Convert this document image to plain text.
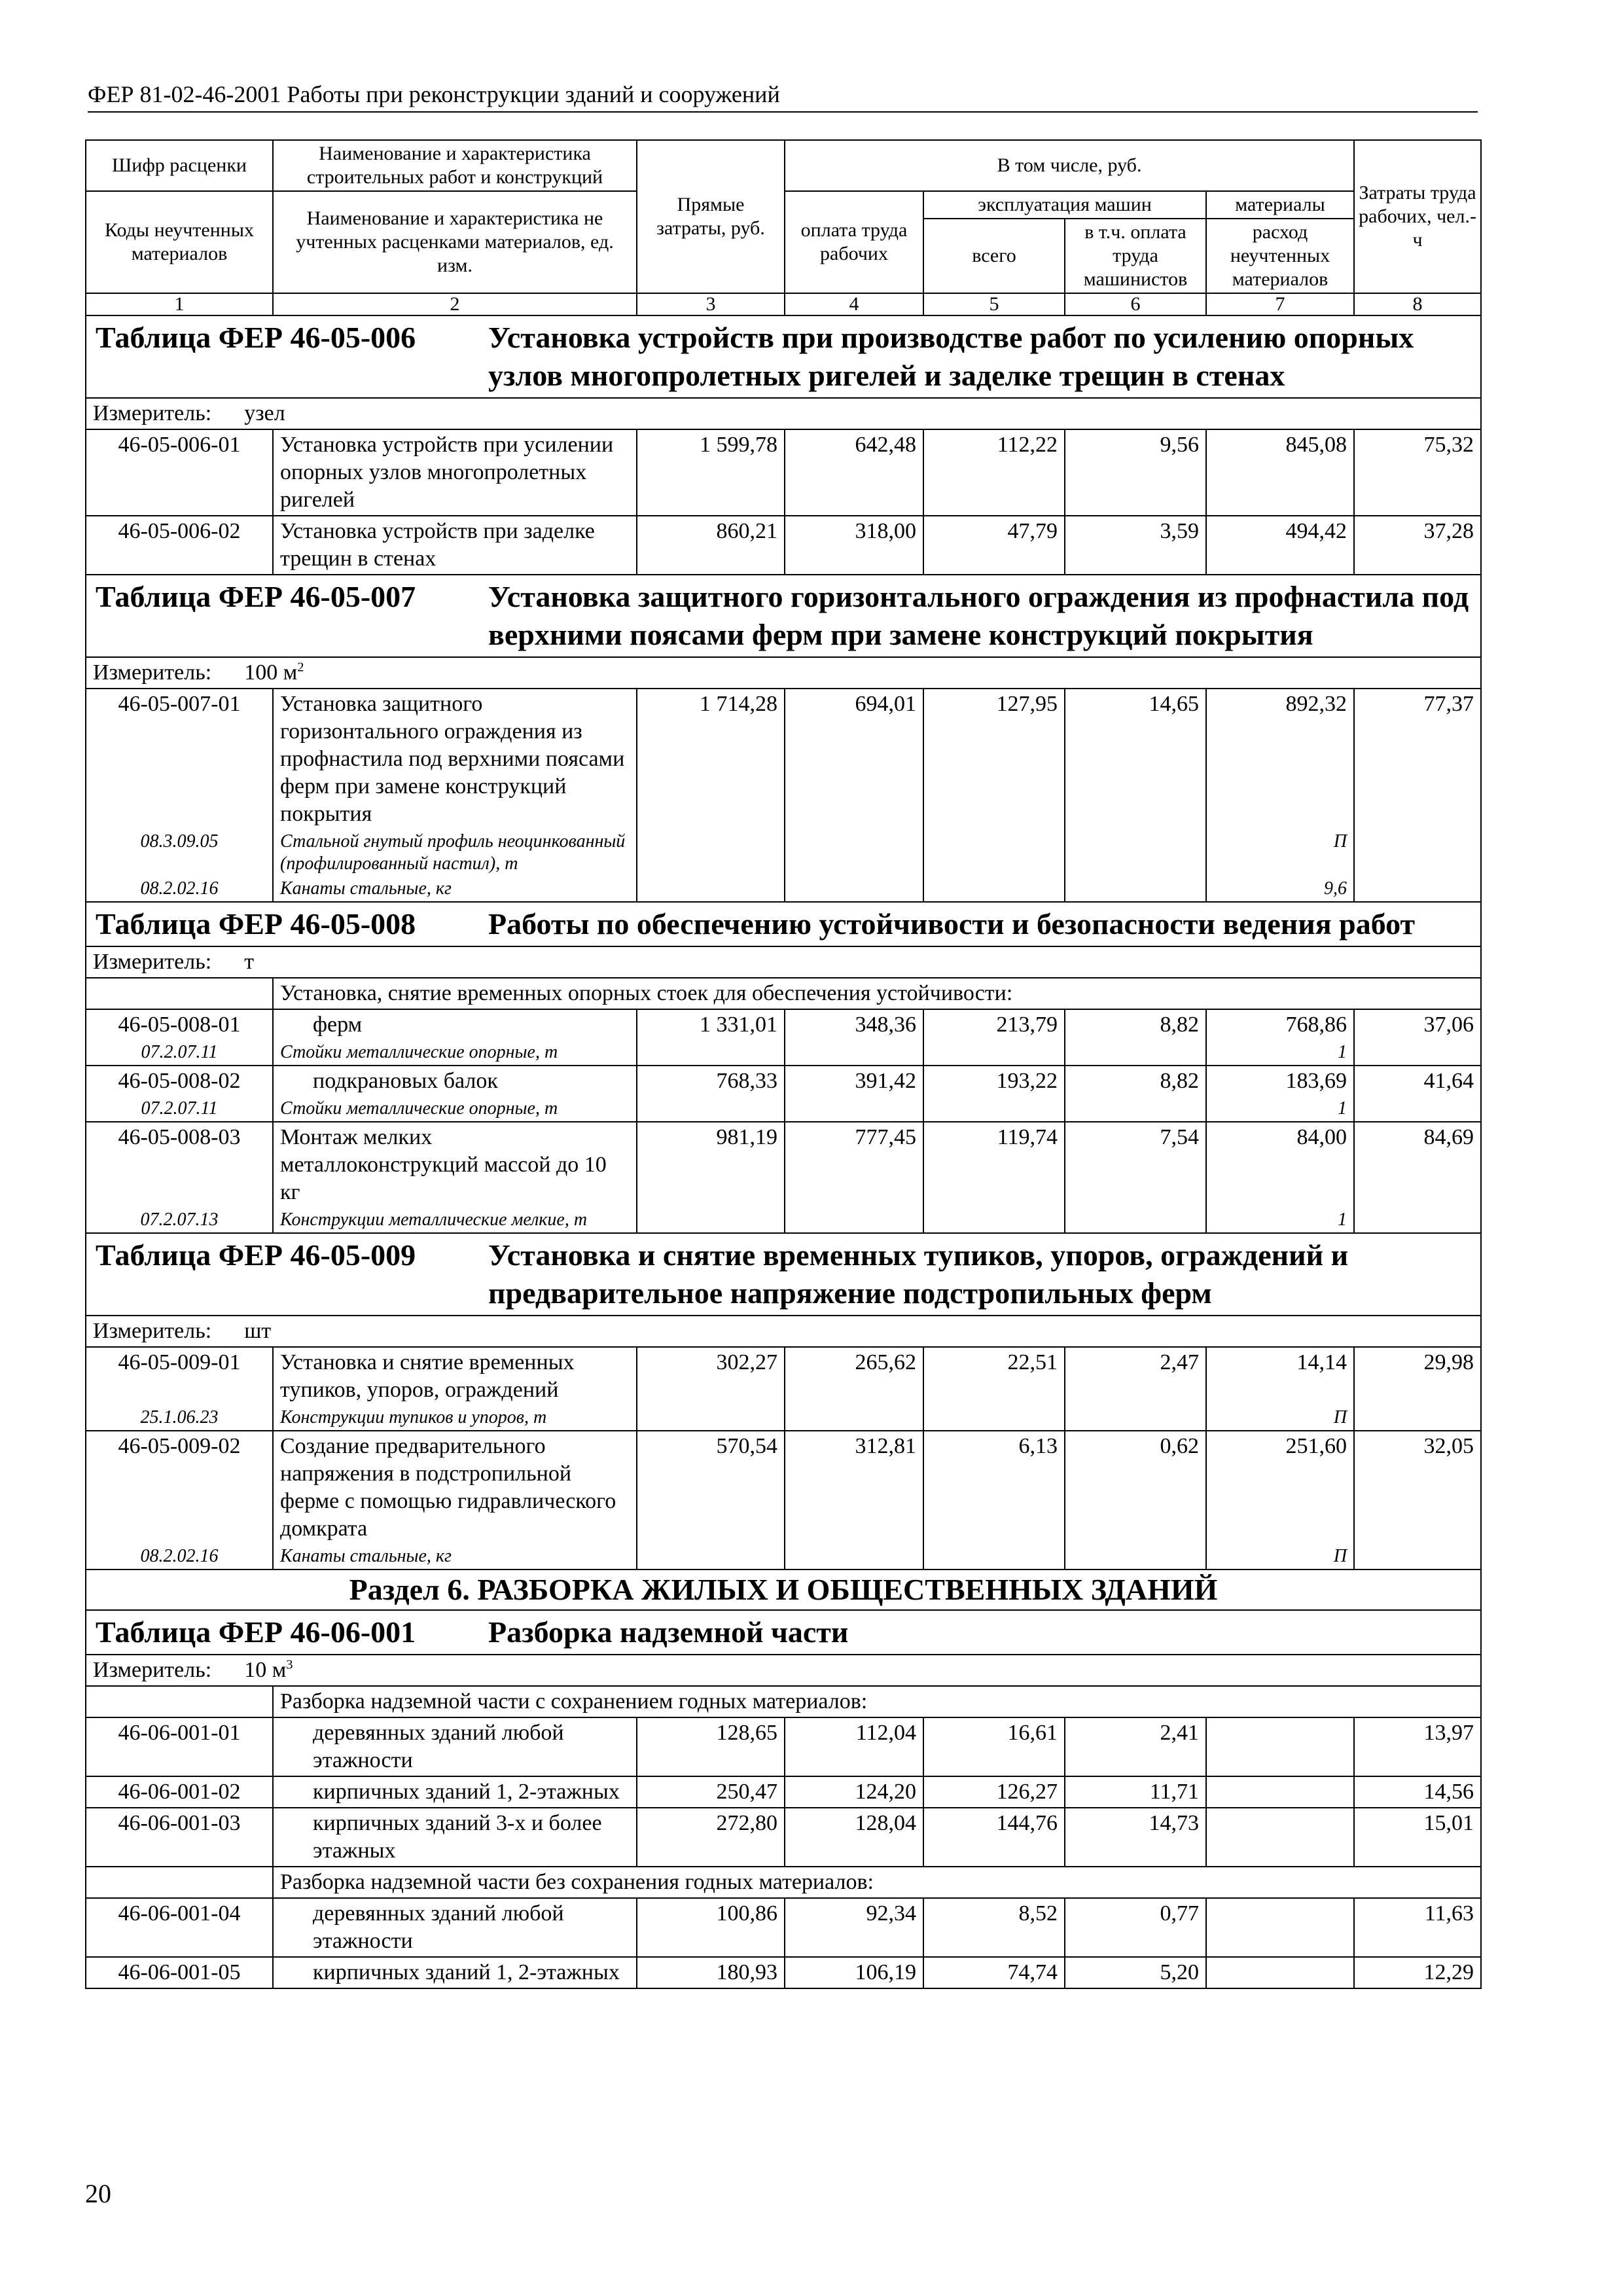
ФЕР 81-02-46-2001 Работы при реконструкции зданий и сооружений
Шифр расценки	Наименование и характеристика строительных работ и конструкций	Прямые затраты, руб.	В том числе, руб.				Затраты труда рабочих, чел.-ч
Коды неучтенных материалов	Наименование и характеристика не учтенных расценками материалов, ед. изм.		оплата труда рабочих	эксплуатация машин		материалы	
				всего	в т.ч. оплата труда машинистов	расход неучтенных материалов	
1	2	3	4	5	6	7	8

Таблица ФЕР 46-05-006 Установка устройств при производстве работ по усилению опорных узлов многопролетных ригелей и заделке трещин в стенах							

Измеритель: узел							
46-05-006-01	Установка устройств при усилении опорных узлов многопролетных ригелей	1 599,78	642,48	112,22	9,56	845,08	75,32
46-05-006-02	Установка устройств при заделке трещин в стенах	860,21	318,00	47,79	3,59	494,42	37,28

Таблица ФЕР 46-05-007 Установка защитного горизонтального ограждения из профнастила под верхними поясами ферм при замене конструкций покрытия							

Измеритель: 100 $м^2$
46-05-007-01	Установка защитного горизонтального ограждения из профнастила под верхними поясами ферм при замене конструкций покрытия	1 714,28	694,01	127,95	14,65	892,32	77,37
08.3.09.05	Стальной гнутый профиль неоцинкованный (профилированный настил), т					П	
08.2.02.16	Канаты стальные, кг					9,6	

Таблица ФЕР 46-05-008 Работы по обеспечению устойчивости и безопасности ведения работ							

Измеритель: т							
	Установка, снятие временных опорных стоек для обеспечения устойчивости:						
46-05-008-01	ферм	1 331,01	348,36	213,79	8,82	768,86	37,06
07.2.07.11	Стойки металлические опорные, т					1	
46-05-008-02	подкрановых балок	768,33	391,42	193,22	8,82	183,69	41,64
07.2.07.11	Стойки металлические опорные, т					1	
46-05-008-03	Монтаж мелких металлоконструкций массой до 10 кг	981,19	777,45	119,74	7,54	84,00	84,69
07.2.07.13	Конструкции металлические мелкие, т					1	

Таблица ФЕР 46-05-009 Установка и снятие временных тупиков, упоров, ограждений и предварительное напряжение подстропильных ферм							

Измеритель: шт							
46-05-009-01	Установка и снятие временных тупиков, упоров, ограждений	302,27	265,62	22,51	2,47	14,14	29,98
25.1.06.23	Конструкции тупиков и упоров, т					П	
46-05-009-02	Создание предварительного напряжения в подстропильной ферме с помощью гидравлического домкрата	570,54	312,81	6,13	0,62	251,60	32,05
08.2.02.16	Канаты стальные, кг					П	
Раздел 6. РАЗБОРКА ЖИЛЫХ И ОБЩЕСТВЕННЫХ ЗДАНИЙ							

Таблица ФЕР 46-06-001 Разборка надземной части							

Измеритель: 10 $м^3$
	Разборка надземной части с сохранением годных материалов:						
46-06-001-01	деревянных зданий любой этажности	128,65	112,04	16,61	2,41		13,97
46-06-001-02	кирпичных зданий 1, 2-этажных	250,47	124,20	126,27	11,71		14,56
46-06-001-03	кирпичных зданий 3-х и более этажных	272,80	128,04	144,76	14,73		15,01
	Разборка надземной части без сохранения годных материалов:						
46-06-001-04	деревянных зданий любой этажности	100,86	92,34	8,52	0,77		11,63
46-06-001-05	кирпичных зданий 1, 2-этажных	180,93	106,19	74,74	5,20		12,29
20
